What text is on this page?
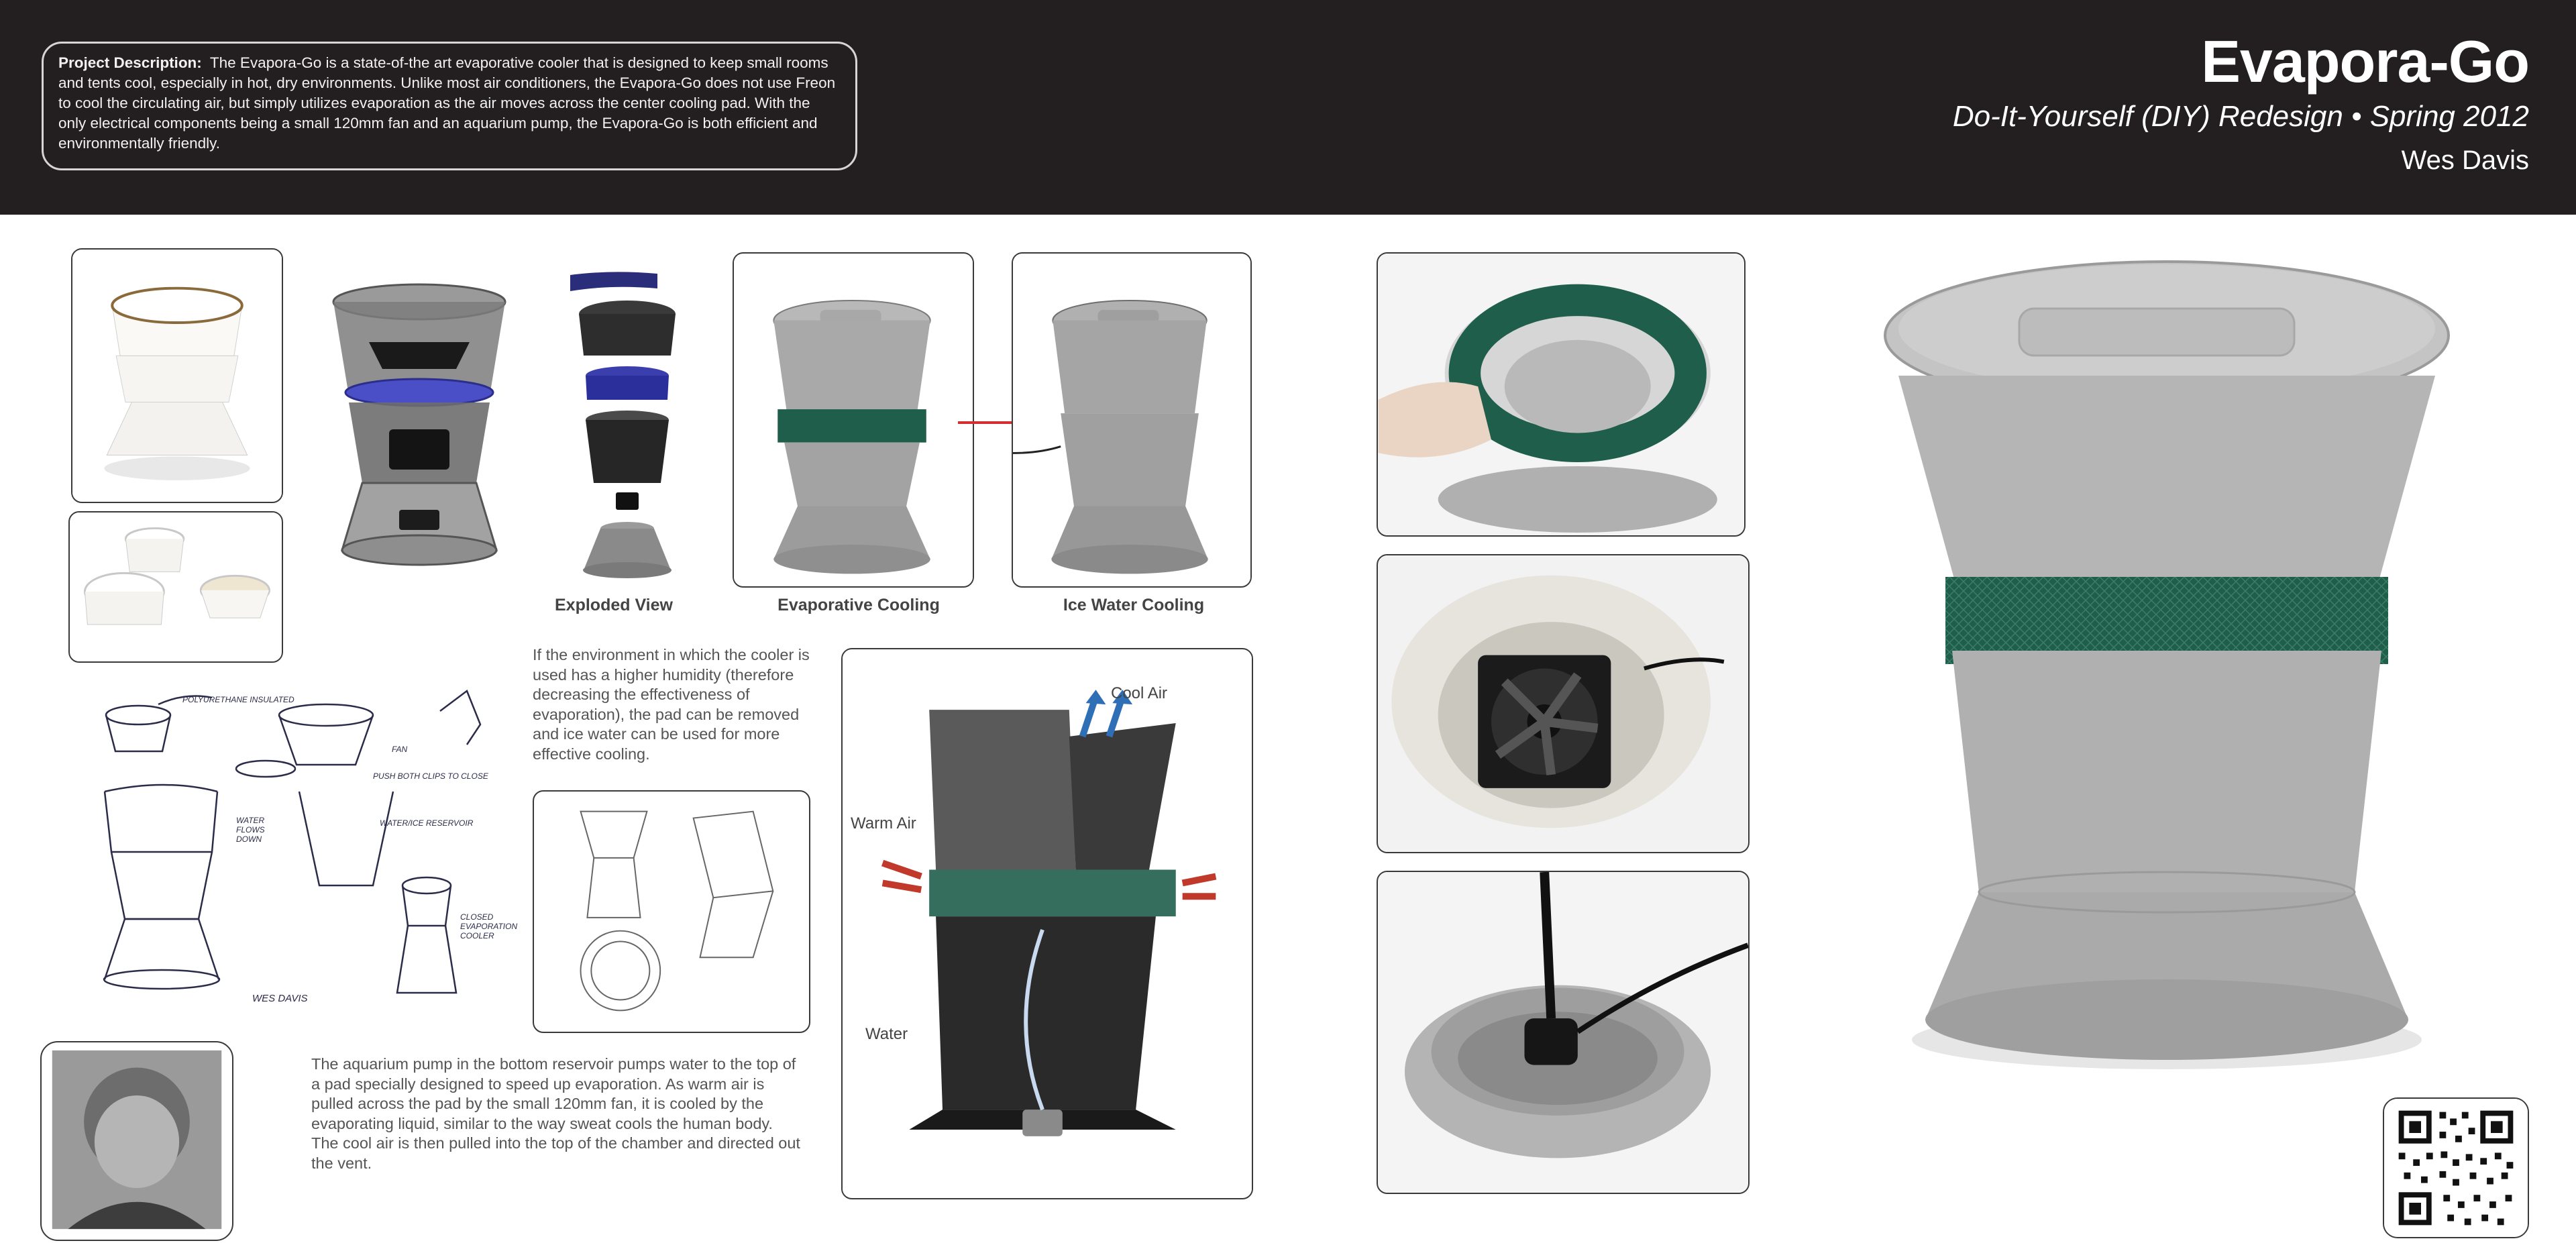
Project Description: The Evapora-Go is a state-of-the art evaporative cooler that is designed to keep small rooms and tents cool, especially in hot, dry environments. Unlike most air conditioners, the Evapora-Go does not use Freon to cool the circulating air, but simply utilizes evaporation as the air moves across the center cooling pad. With the only electrical components being a small 120mm fan and an aquarium pump, the Evapora-Go is both efficient and environmentally friendly.
Evapora-Go
Do-It-Yourself (DIY) Redesign • Spring 2012
Wes Davis
Exploded View	Evaporative Cooling	Ice Water Cooling
POLYURETHANE INSULATED
FAN
PUSH BOTH CLIPS TO CLOSE
WATER/ICE RESERVOIR
WATER FLOWS DOWN
CLOSED EVAPORATION COOLER
WES DAVIS
If the environment in which the cooler is used has a higher humidity (therefore decreasing the effectiveness of evaporation), the pad can be removed and ice water can be used for more effective cooling.
Cool Air
Warm Air
Water
The aquarium pump in the bottom reservoir pumps water to the top of a pad specially designed to speed up evaporation. As warm air is pulled across the pad by the small 120mm fan, it is cooled by the evaporating liquid, similar to the way sweat cools the human body. The cool air is then pulled into the top of the chamber and directed out the vent.
